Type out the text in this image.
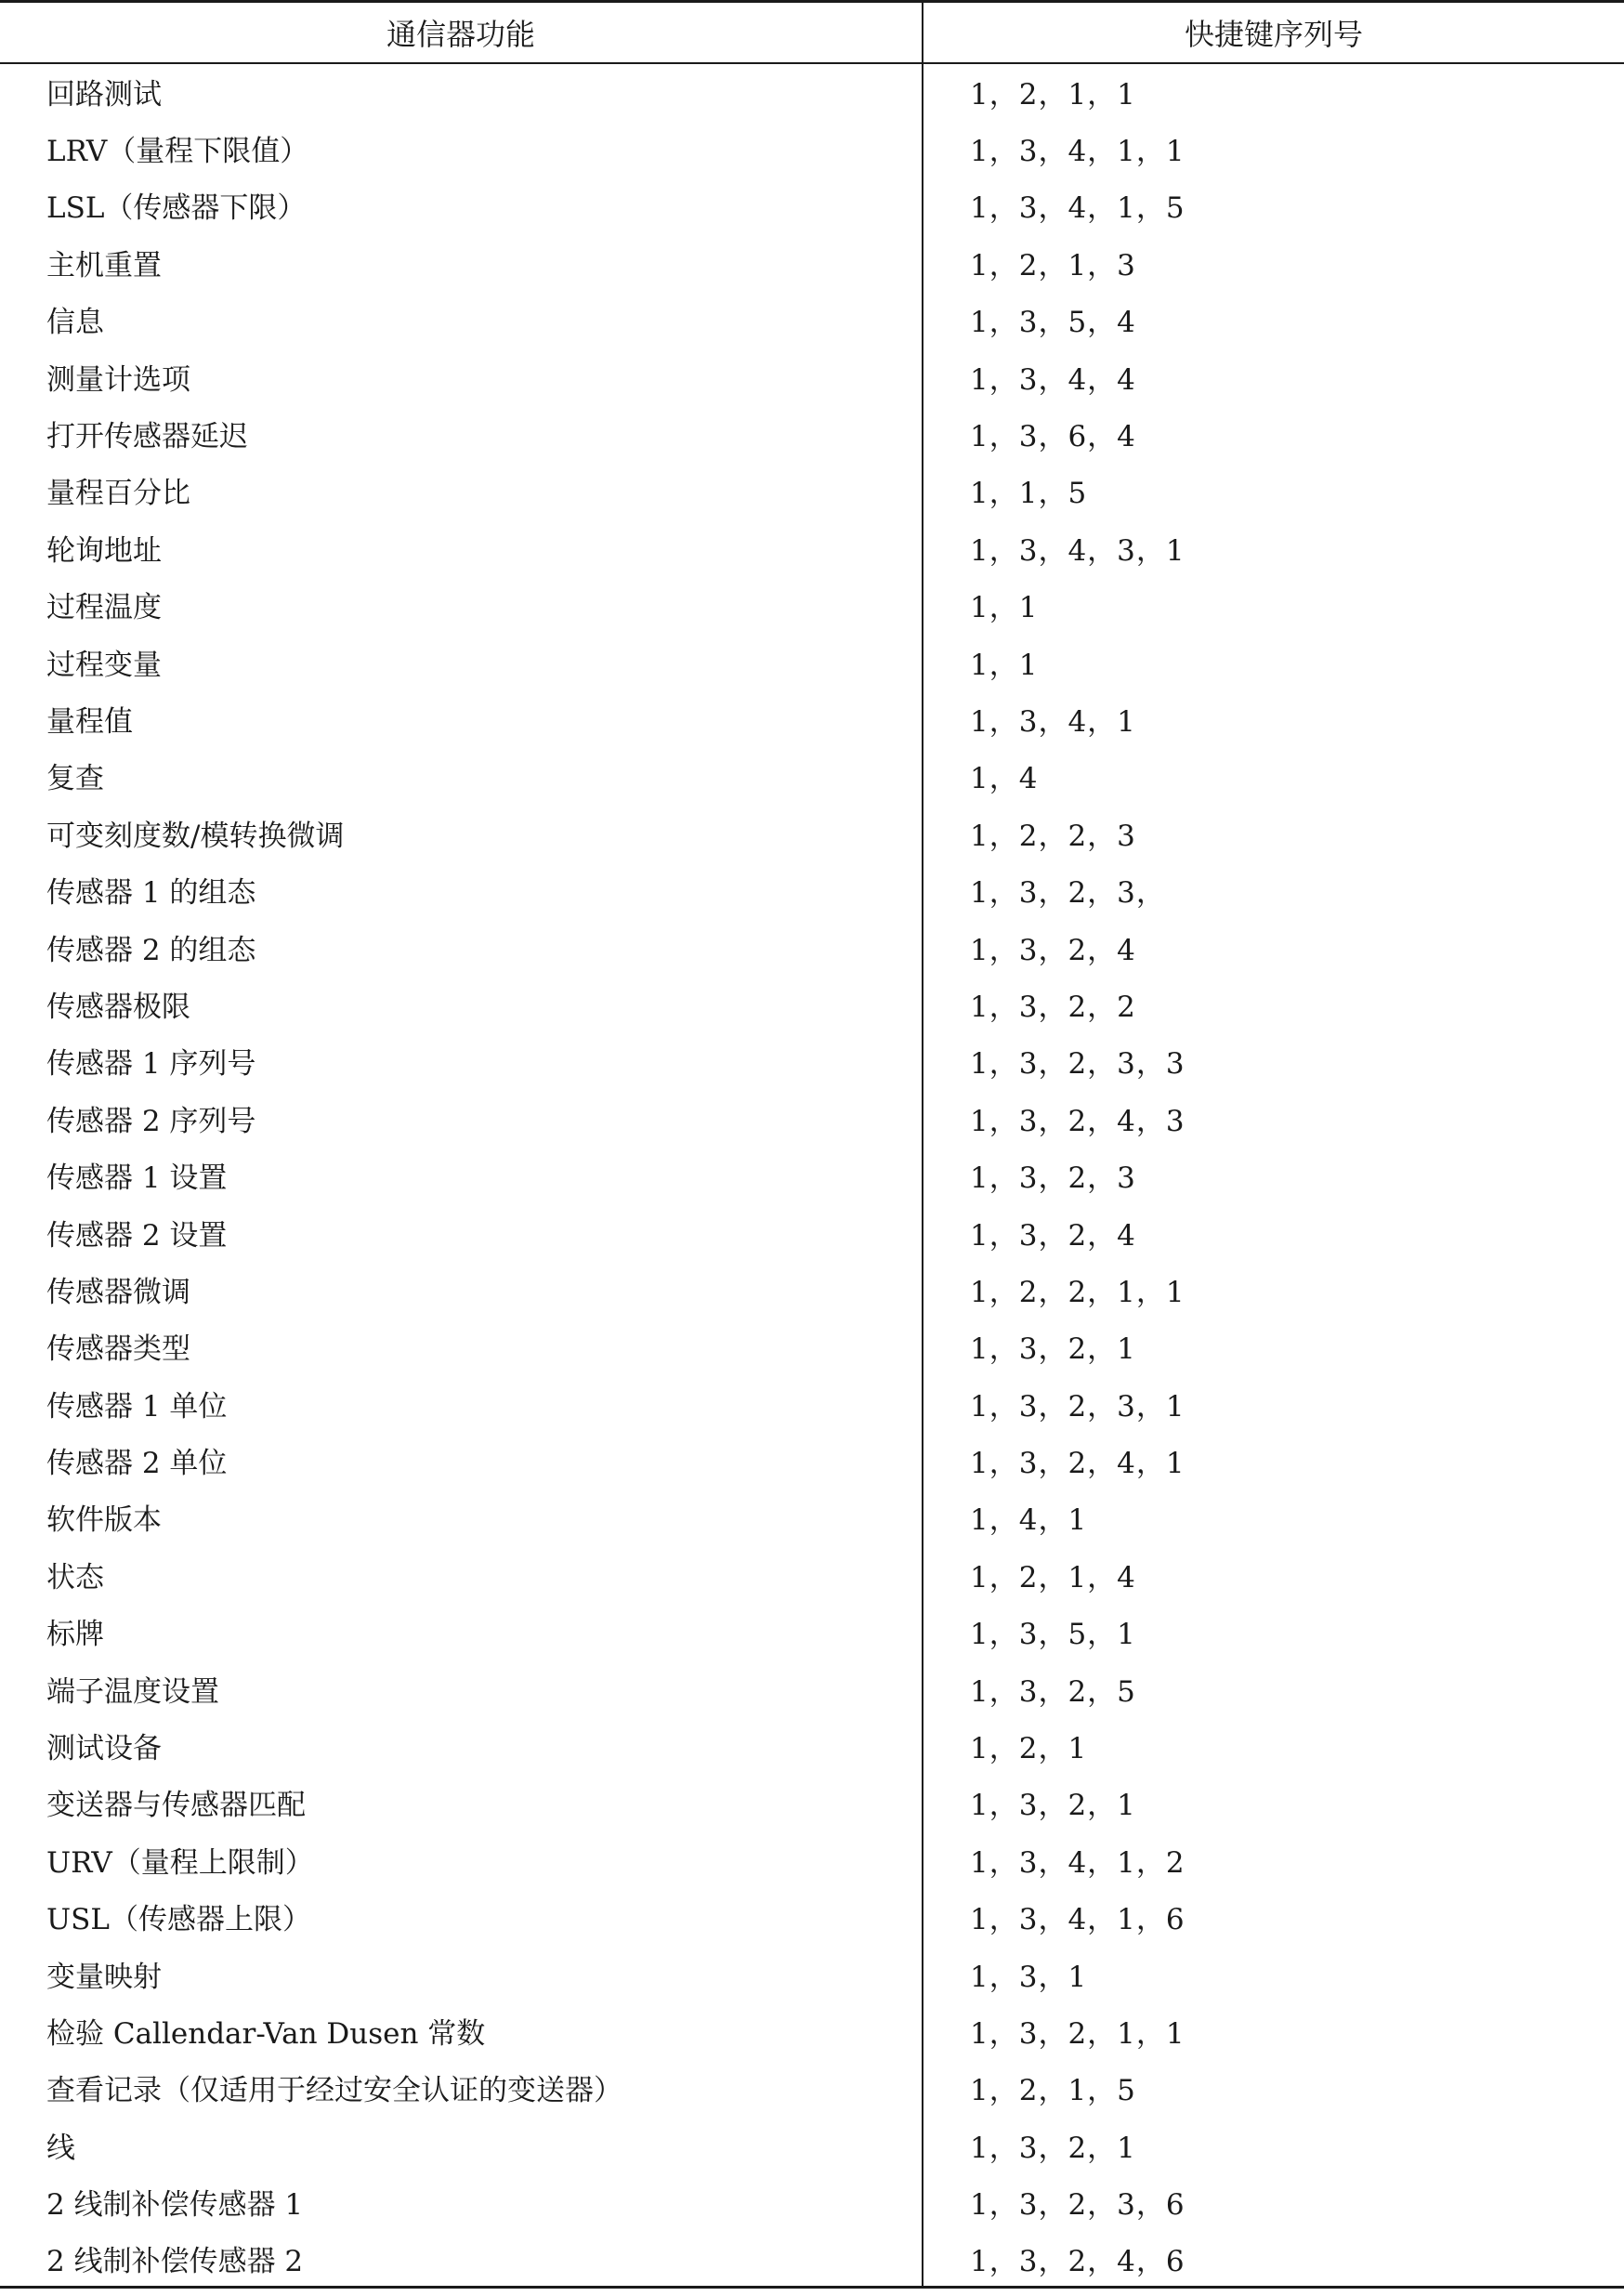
通信器功能	快捷键序列号
回路测试	1，2，1，1
LRV（量程下限值）	1，3，4，1，1
LSL（传感器下限）	1，3，4，1，5
主机重置	1，2，1，3
信息	1，3，5，4
测量计选项	1，3，4，4
打开传感器延迟	1，3，6，4
量程百分比	1，1，5
轮询地址	1，3，4，3，1
过程温度	1，1
过程变量	1，1
量程值	1，3，4，1
复查	1，4
可变刻度数/模转换微调	1，2，2，3
传感器 1 的组态	1，3，2，3，
传感器 2 的组态	1，3，2，4
传感器极限	1，3，2，2
传感器 1 序列号	1，3，2，3，3
传感器 2 序列号	1，3，2，4，3
传感器 1 设置	1，3，2，3
传感器 2 设置	1，3，2，4
传感器微调	1，2，2，1，1
传感器类型	1，3，2，1
传感器 1 单位	1，3，2，3，1
传感器 2 单位	1，3，2，4，1
软件版本	1，4，1
状态	1，2，1，4
标牌	1，3，5，1
端子温度设置	1，3，2，5
测试设备	1，2，1
变送器与传感器匹配	1，3，2，1
URV（量程上限制）	1，3，4，1，2
USL（传感器上限）	1，3，4，1，6
变量映射	1，3，1
检验 Callendar-Van Dusen 常数	1，3，2，1，1
查看记录（仅适用于经过安全认证的变送器）	1，2，1，5
线	1，3，2，1
2 线制补偿传感器 1	1，3，2，3，6
2 线制补偿传感器 2	1，3，2，4，6
